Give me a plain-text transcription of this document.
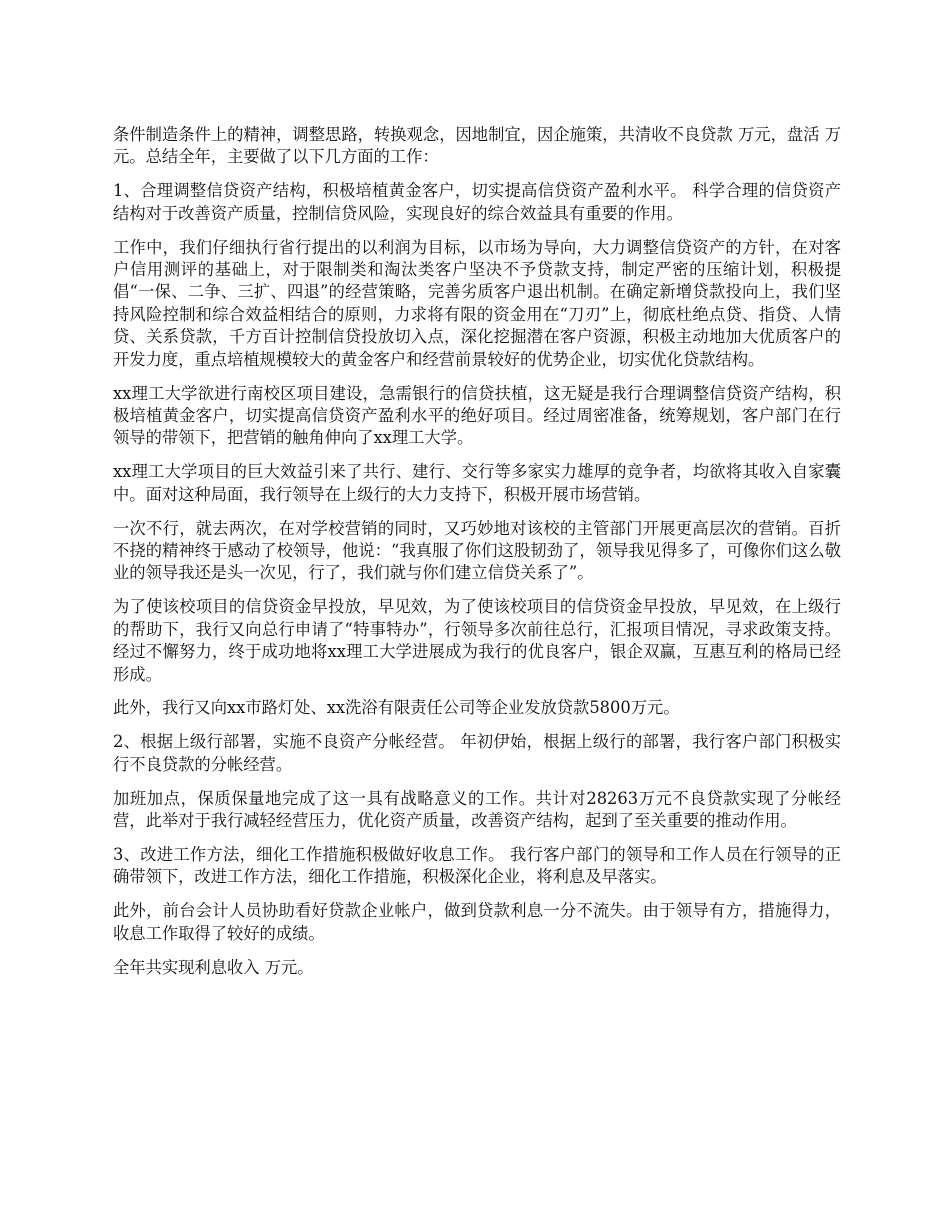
条件制造条件上的精神，调整思路，转换观念，因地制宜，因企施策，共清收不良贷款 万元，盘活 万元。总结全年，主要做了以下几方面的工作：

1、合理调整信贷资产结构，积极培植黄金客户，切实提高信贷资产盈利水平。 科学合理的信贷资产结构对于改善资产质量，控制信贷风险，实现良好的综合效益具有重要的作用。

工作中，我们仔细执行省行提出的以利润为目标，以市场为导向，大力调整信贷资产的方针，在对客户信用测评的基础上，对于限制类和淘汰类客户坚决不予贷款支持，制定严密的压缩计划，积极提倡“一保、二争、三扩、四退”的经营策略，完善劣质客户退出机制。在确定新增贷款投向上，我们坚持风险控制和综合效益相结合的原则，力求将有限的资金用在“刀刃”上，彻底杜绝点贷、指贷、人情贷、关系贷款，千方百计控制信贷投放切入点，深化挖掘潜在客户资源，积极主动地加大优质客户的开发力度，重点培植规模较大的黄金客户和经营前景较好的优势企业，切实优化贷款结构。

xx理工大学欲进行南校区项目建设，急需银行的信贷扶植，这无疑是我行合理调整信贷资产结构，积极培植黄金客户，切实提高信贷资产盈利水平的绝好项目。经过周密准备，统筹规划，客户部门在行领导的带领下，把营销的触角伸向了xx理工大学。

xx理工大学项目的巨大效益引来了共行、建行、交行等多家实力雄厚的竞争者，均欲将其收入自家囊中。面对这种局面，我行领导在上级行的大力支持下，积极开展市场营销。

一次不行，就去两次，在对学校营销的同时，又巧妙地对该校的主管部门开展更高层次的营销。百折不挠的精神终于感动了校领导，他说：“我真服了你们这股韧劲了，领导我见得多了，可像你们这么敬业的领导我还是头一次见，行了，我们就与你们建立信贷关系了”。

为了使该校项目的信贷资金早投放，早见效，为了使该校项目的信贷资金早投放，早见效，在上级行的帮助下，我行又向总行申请了“特事特办”，行领导多次前往总行，汇报项目情况，寻求政策支持。经过不懈努力，终于成功地将xx理工大学进展成为我行的优良客户，银企双赢，互惠互利的格局已经形成。

此外，我行又向xx市路灯处、xx洗浴有限责任公司等企业发放贷款5800万元。

2、根据上级行部署，实施不良资产分帐经营。 年初伊始，根据上级行的部署，我行客户部门积极实行不良贷款的分帐经营。

加班加点，保质保量地完成了这一具有战略意义的工作。共计对28263万元不良贷款实现了分帐经营，此举对于我行减轻经营压力，优化资产质量，改善资产结构，起到了至关重要的推动作用。

3、改进工作方法，细化工作措施积极做好收息工作。 我行客户部门的领导和工作人员在行领导的正确带领下，改进工作方法，细化工作措施，积极深化企业，将利息及早落实。

此外，前台会计人员协助看好贷款企业帐户，做到贷款利息一分不流失。由于领导有方，措施得力，收息工作取得了较好的成绩。

全年共实现利息收入 万元。
